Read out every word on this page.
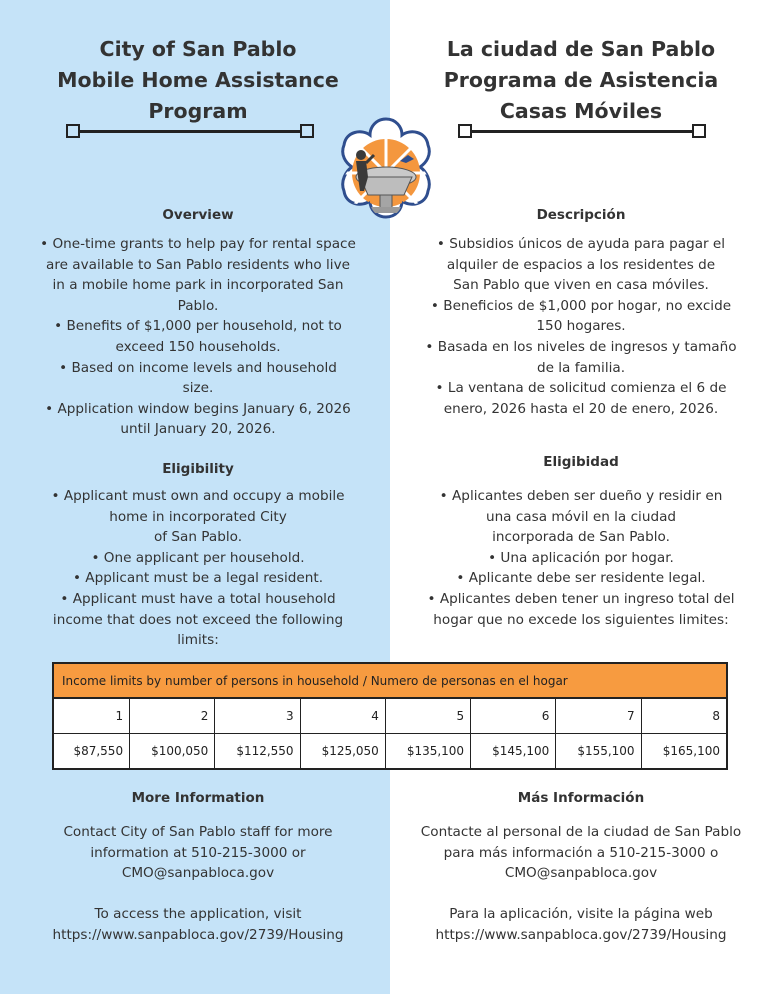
City of San Pablo
Mobile Home Assistance
Program
Overview

• One-time grants to help pay for rental space

are available to San Pablo residents who live

in a mobile home park in incorporated San

Pablo.

• Benefits of $1,000 per household, not to

exceed 150 households.

• Based on income levels and household

size.

• Application window begins January 6, 2026

until January 20, 2026.

Eligibility

• Applicant must own and occupy a mobile

home in incorporated City

of San Pablo.

• One applicant per household.

• Applicant must be a legal resident.

• Applicant must have a total household

income that does not exceed the following

limits:

More Information

Contact City of San Pablo staff for more

information at 510-215-3000 or

CMO@sanpabloca.gov

To access the application, visit

https://www.sanpabloca.gov/2739/Housing

La ciudad de San Pablo
Programa de Asistencia
Casas Móviles
Descripción

• Subsidios únicos de ayuda para pagar el

alquiler de espacios a los residentes de

San Pablo que viven en casa móviles.

• Beneficios de $1,000 por hogar, no excide

150 hogares.

• Basada en los niveles de ingresos y tamaño

de la familia.

• La ventana de solicitud comienza el 6 de

enero, 2026 hasta el 20 de enero, 2026.

Eligibidad

• Aplicantes deben ser dueño y residir en

una casa móvil en la ciudad

incorporada de San Pablo.

• Una aplicación por hogar.

• Aplicante debe ser residente legal.

• Aplicantes deben tener un ingreso total del

hogar que no excede los siguientes limites:

Más Información

Contacte al personal de la ciudad de San Pablo

para más información a 510-215-3000 o

CMO@sanpabloca.gov

Para la aplicación, visite la página web

https://www.sanpabloca.gov/2739/Housing

Income limits by number of persons in household / Numero de personas en el hogar							
1	2	3	4	5	6	7	8
$87,550	$100,050	$112,550	$125,050	$135,100	$145,100	$155,100	$165,100
